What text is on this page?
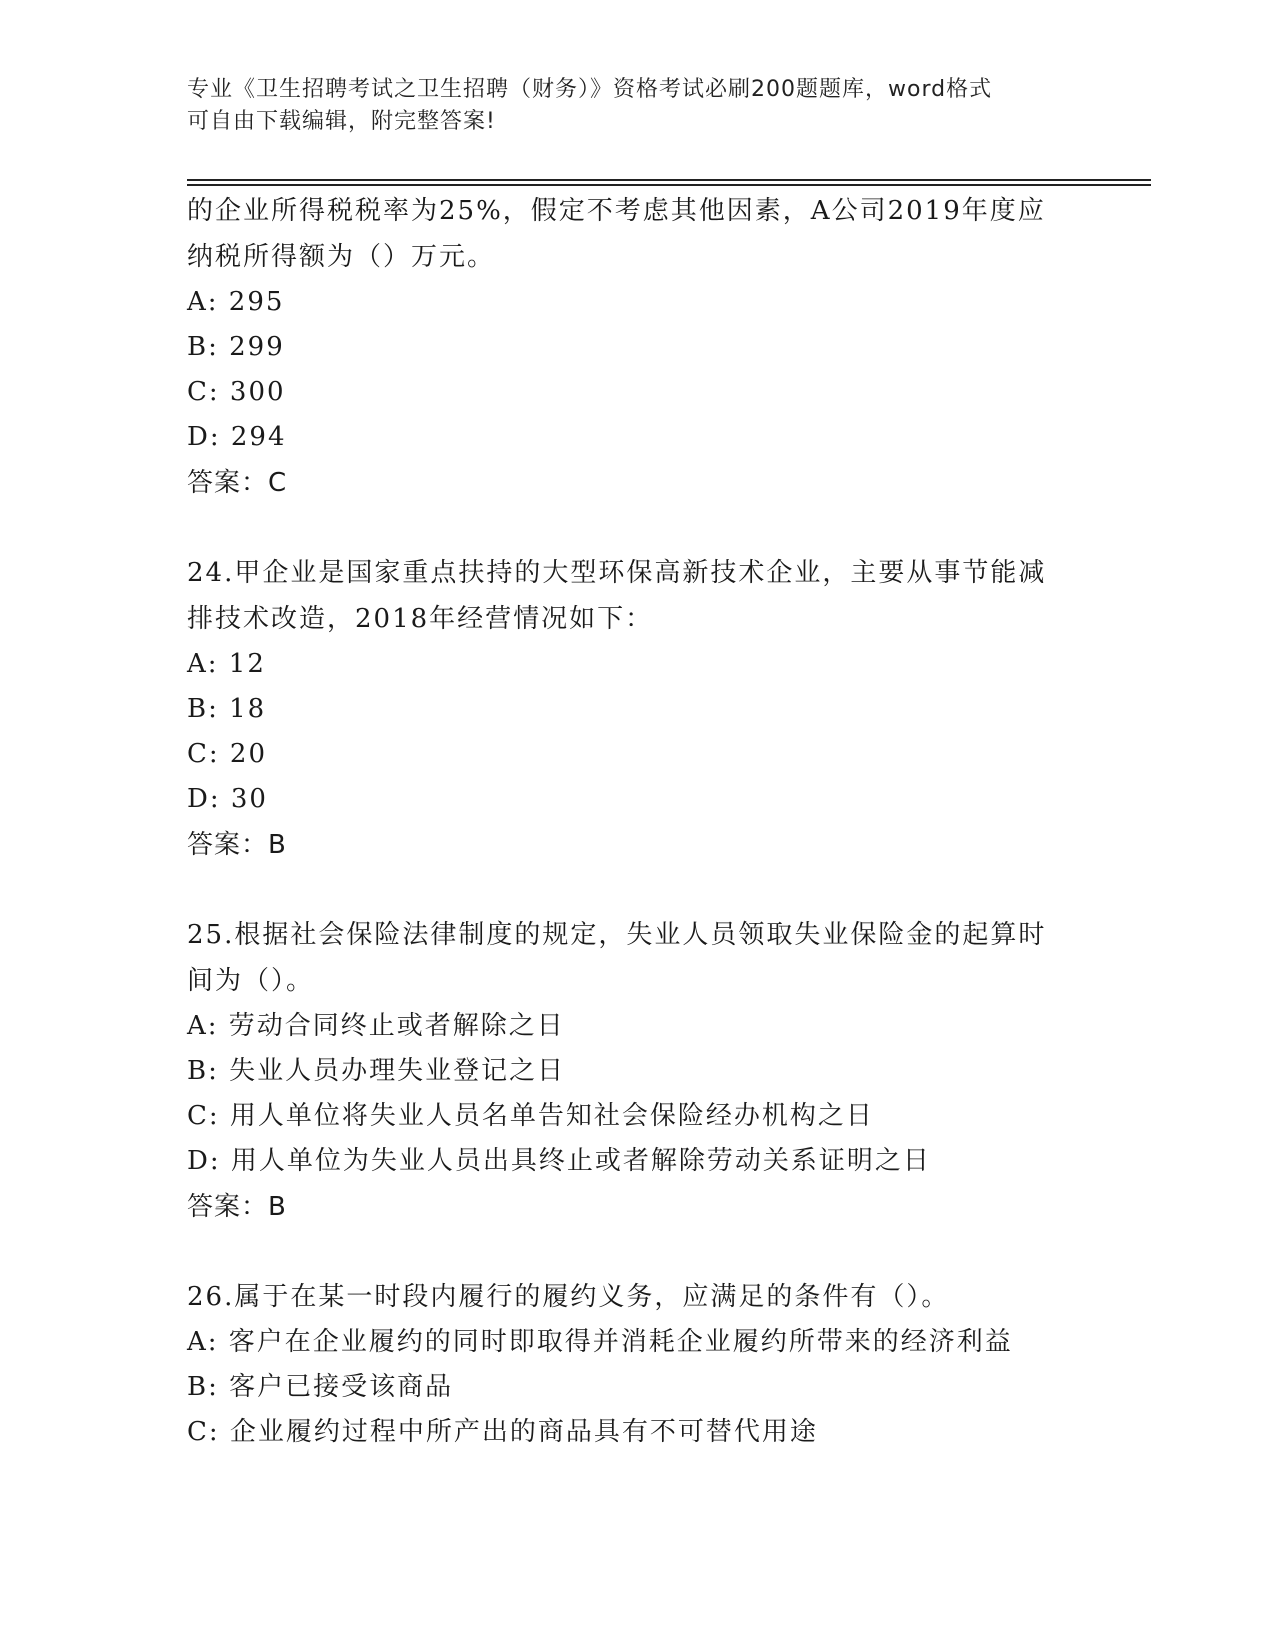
专业《卫生招聘考试之卫生招聘（财务）》资格考试必刷200题题库，word格式
可自由下载编辑，附完整答案!
的企业所得税税率为25%，假定不考虑其他因素，A公司2019年度应
纳税所得额为（）万元。
A: 295
B: 299
C: 300
D: 294
答案：C
24.甲企业是国家重点扶持的大型环保高新技术企业，主要从事节能减
排技术改造，2018年经营情况如下：
A: 12
B: 18
C: 20
D: 30
答案：B
25.根据社会保险法律制度的规定，失业人员领取失业保险金的起算时
间为（）。
A: 劳动合同终止或者解除之日
B: 失业人员办理失业登记之日
C: 用人单位将失业人员名单告知社会保险经办机构之日
D: 用人单位为失业人员出具终止或者解除劳动关系证明之日
答案：B
26.属于在某一时段内履行的履约义务，应满足的条件有（）。
A: 客户在企业履约的同时即取得并消耗企业履约所带来的经济利益
B: 客户已接受该商品
C: 企业履约过程中所产出的商品具有不可替代用途
